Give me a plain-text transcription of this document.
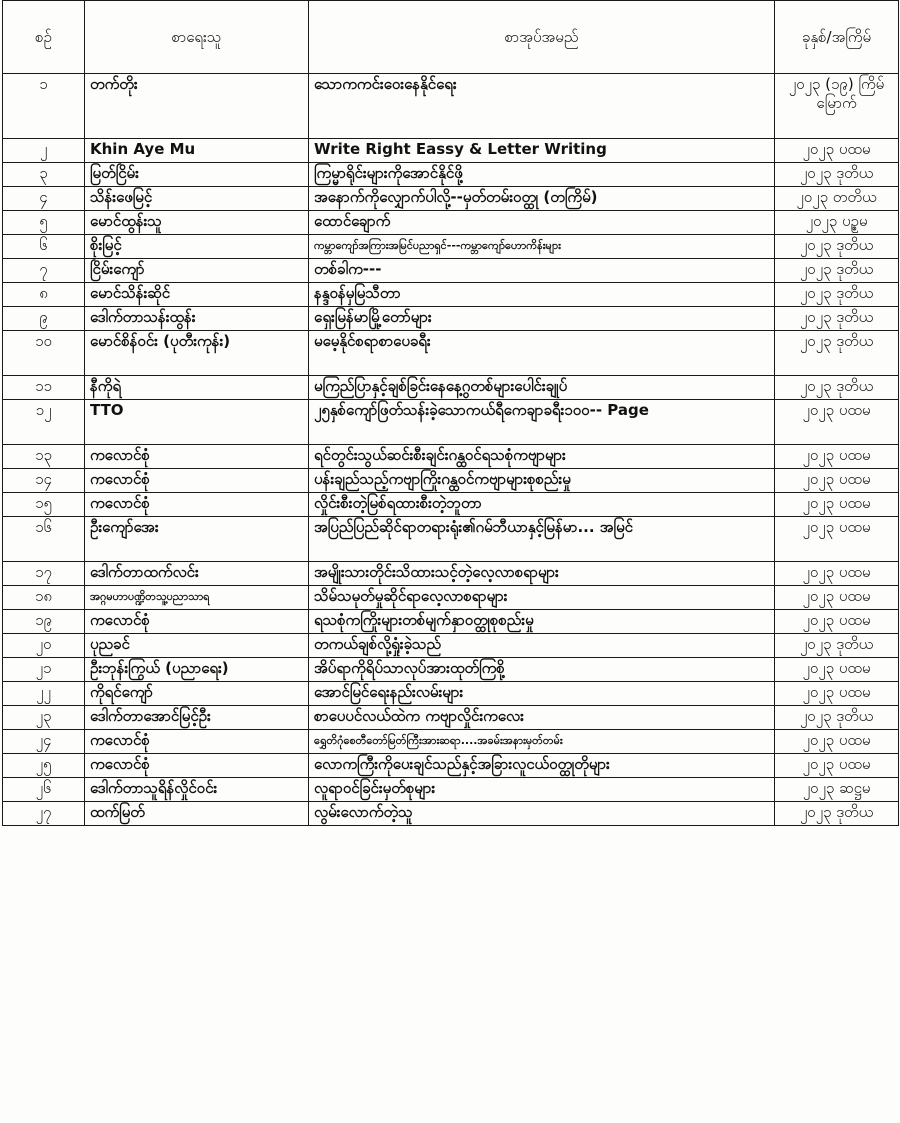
စဉ်	စာရေးသူ	စာအုပ်အမည်	ခုနှစ်/အကြိမ်
၁	တက်တိုး	သောကကင်းဝေးနေနိုင်ရေး	၂၀၂၃ (၁၉) ကြိမ်မြောက်
၂	Khin Aye Mu	Write Right Eassy & Letter Writing	၂၀၂၃ ပထမ
၃	မြတ်ငြိမ်း	ကြမ္မာရိုင်းများကိုအောင်နိုင်ဖို့	၂၀၂၃ ဒုတိယ
၄	သိန်းဖေမြင့်	အနောက်ကိုလျှောက်ပါလို့--မှတ်တမ်းဝတ္ထု (တကြိမ်)	၂၀၂၃ တတိယ
၅	မောင်ထွန်းသူ	ထောင်ချောက်	၂၀၂၃ ပဥ္စမ
၆	စိုးမြင့်	ကမ္ဘာကျော်အကြားအမြင်ပညာရှင်---ကမ္ဘာကျော်ဟောကိန်းများ	၂၀၂၃ ဒုတိယ
၇	ငြိမ်းကျော်	တစ်ခါက---	၂၀၂၃ ဒုတိယ
၈	မောင်သိန်းဆိုင်	နန္ဒဝန်မှမြသီတာ	၂၀၂၃ ဒုတိယ
၉	ဒေါက်တာသန်းထွန်း	ရှေးမြန်မာမြို့တော်များ	၂၀၂၃ ဒုတိယ
၁၀	မောင်စိန်ဝင်း (ပုတီးကုန်း)	မမေ့နိုင်စရာစာပေခရီး	၂၀၂၃ ဒုတိယ
၁၁	နီကိုရဲ	မကြည်ပြာနှင့်ချစ်ခြင်းနေနေ့ဂွတစ်များပေါင်းချုပ်	၂၀၂၃ ဒုတိယ
၁၂	TTO	၂၅နှစ်ကျော်ဖြတ်သန်းခဲ့သောကယ်ရီကေချာခရီး၁၀၀-- Page	၂၀၂၃ ပထမ
၁၃	ကလောင်စုံ	ရင်တွင်းသွယ်ဆင်းစီးချင်းဂန္ထဝင်ရသစုံကဗျာများ	၂၀၂၃ ပထမ
၁၄	ကလောင်စုံ	ပန်းချည်သည့်ကဗျာကြိုးဂန္ထဝင်ကဗျာများစုစည်းမှု	၂၀၂၃ ပထမ
၁၅	ကလောင်စုံ	လှိုင်းစီးတဲ့မြစ်ရထားစီးတဲ့ဘူတာ	၂၀၂၃ ပထမ
၁၆	ဦးကျော်အေး	အပြည်ပြည်ဆိုင်ရာတရားရုံး၏ဂမ်ဘီယာနှင့်မြန်မာ... အမြင်	၂၀၂၃ ပထမ
၁၇	ဒေါက်တာထက်လင်း	အမျိုးသားတိုင်းသိထားသင့်တဲ့လေ့လာစရာများ	၂၀၂၃ ပထမ
၁၈	အဂ္ဂမဟာပဏ္ဍိတသူ့ပညာသာရ	သိမ်သမုတ်မှုဆိုင်ရာလေ့လာစရာများ	၂၀၂၃ ပထမ
၁၉	ကလောင်စုံ	ရသစုံကကြိုးများတစ်မျက်နှာဝတ္ထုစုစည်းမှု	၂၀၂၃ ပထမ
၂၀	ပုညခင်	တကယ်ချစ်လို့ရှုံးခဲ့သည်	၂၀၂၃ ဒုတိယ
၂၁	ဦးဘုန်းကြွယ် (ပညာရေး)	အိပ်ရာကိုရိပ်သာလုပ်အားထုတ်ကြစို့	၂၀၂၃ ပထမ
၂၂	ကိုရင်ကျော်	အောင်မြင်ရေးနည်းလမ်းများ	၂၀၂၃ ပထမ
၂၃	ဒေါက်တာအောင်မြင့်ဦး	စာပေပင်လယ်ထဲက ကဗျာလှိုင်းကလေး	၂၀၂၃ ဒုတိယ
၂၄	ကလောင်စုံ	ရွှေတိဂုံစေတီတော်မြတ်ကြီးအားဆရာ....အခမ်းအနားမှတ်တမ်း	၂၀၂၃ ပထမ
၂၅	ကလောင်စုံ	လောကကြီးကိုပေးချင်သည်နှင့်အခြားလူငယ်ဝတ္ထုတိုများ	၂၀၂၃ ပထမ
၂၆	ဒေါက်တာသူရိန်လှိုင်ဝင်း	လူရာဝင်ခြင်းမှတ်စုများ	၂၀၂၃ ဆဋ္ဌမ
၂၇	ထက်မြတ်	လွမ်းလောက်တဲ့သူ	၂၀၂၃ ဒုတိယ
